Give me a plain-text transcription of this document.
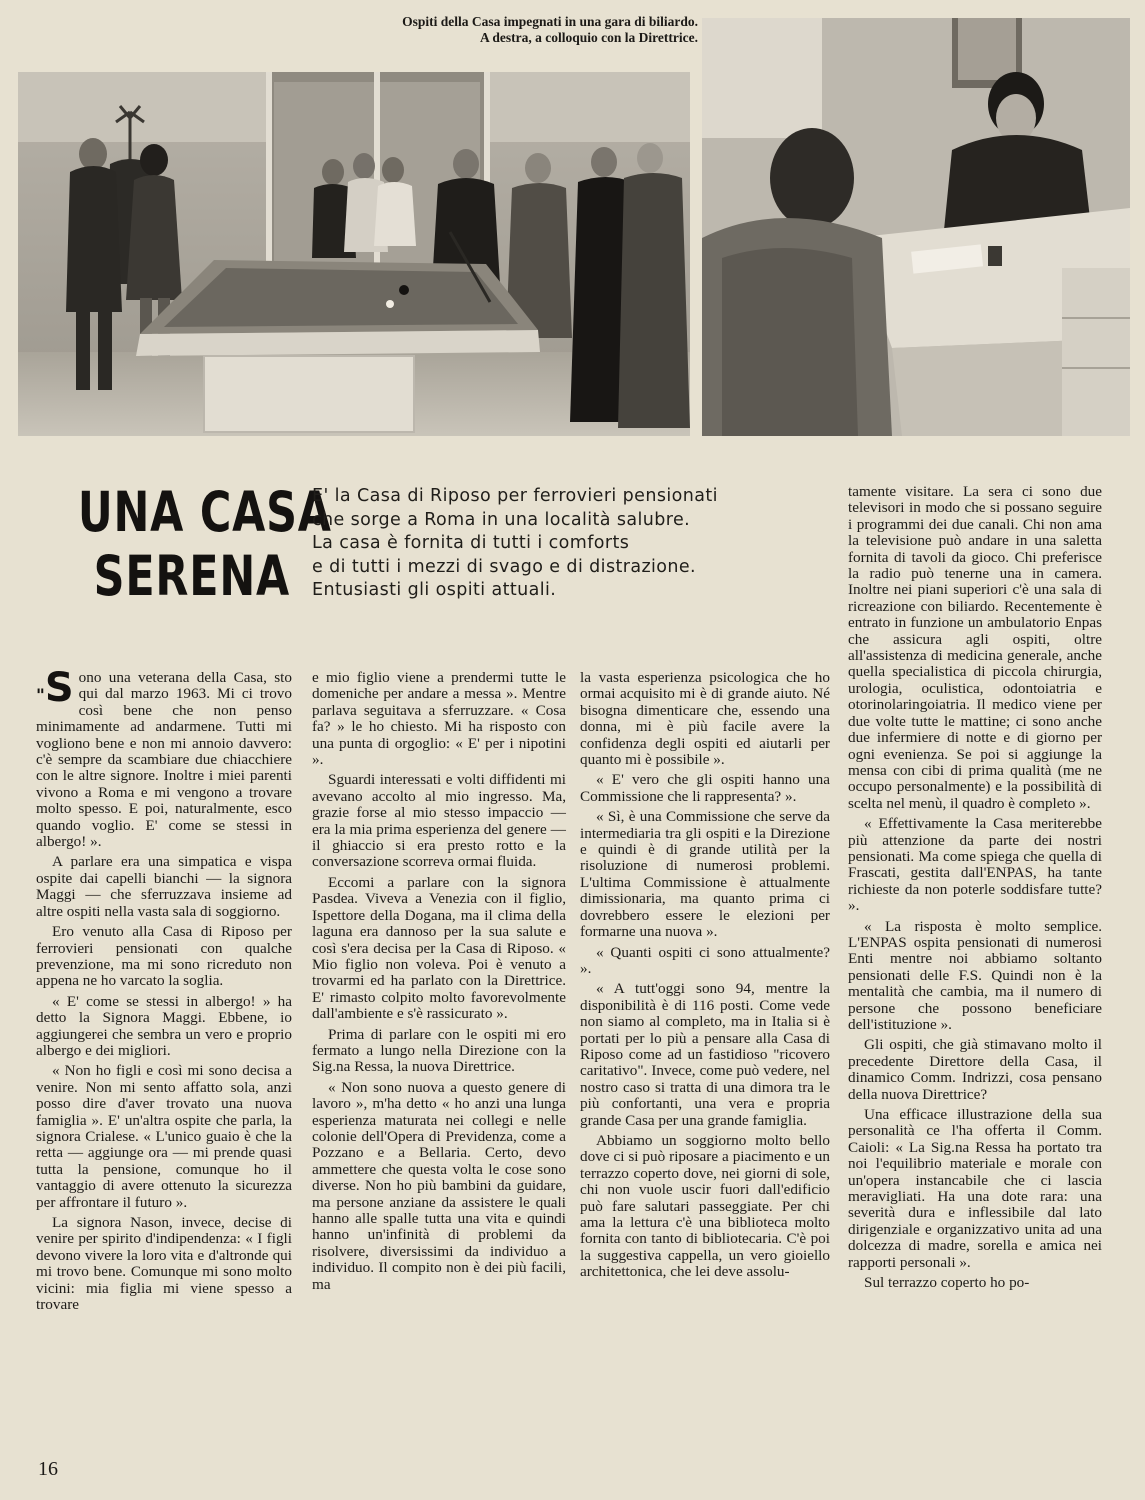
Ospiti della Casa impegnati in una gara di biliardo.
A destra, a colloquio con la Direttrice.
UNA CASA
SERENA
E' la Casa di Riposo per ferrovieri pensionati
che sorge a Roma in una località salubre.
La casa è fornita di tutti i comforts
e di tutti i mezzi di svago e di distrazione.
Entusiasti gli ospiti attuali.

"S ono una veterana della Casa, sto qui dal marzo 1963. Mi ci trovo così bene che non penso minimamente ad andarmene. Tutti mi vogliono bene e non mi annoio davvero: c'è sempre da scambiare due chiacchiere con le altre signore. Inoltre i miei parenti vivono a Roma e mi vengono a trovare molto spesso. E poi, naturalmente, esco quando voglio. E' come se stessi in albergo! ».

A parlare era una simpatica e vispa ospite dai capelli bianchi — la signora Maggi — che sferruzzava insieme ad altre ospiti nella vasta sala di soggiorno.

Ero venuto alla Casa di Riposo per ferrovieri pensionati con qualche prevenzione, ma mi sono ricreduto non appena ne ho varcato la soglia.

« E' come se stessi in albergo! » ha detto la Signora Maggi. Ebbene, io aggiungerei che sembra un vero e proprio albergo e dei migliori.

« Non ho figli e così mi sono decisa a venire. Non mi sento affatto sola, anzi posso dire d'aver trovato una nuova famiglia ». E' un'altra ospite che parla, la signora Crialese. « L'unico guaio è che la retta — aggiunge ora — mi prende quasi tutta la pensione, comunque ho il vantaggio di avere ottenuto la sicurezza per affrontare il futuro ».

La signora Nason, invece, decise di venire per spirito d'indipendenza: « I figli devono vivere la loro vita e d'altronde qui mi trovo bene. Comunque mi sono molto vicini: mia figlia mi viene spesso a trovare

e mio figlio viene a prendermi tutte le domeniche per andare a messa ». Mentre parlava seguitava a sferruzzare. « Cosa fa? » le ho chiesto. Mi ha risposto con una punta di orgoglio: « E' per i nipotini ».

Sguardi interessati e volti diffidenti mi avevano accolto al mio ingresso. Ma, grazie forse al mio stesso impaccio — era la mia prima esperienza del genere — il ghiaccio si era presto rotto e la conversazione scorreva ormai fluida.

Eccomi a parlare con la signora Pasdea. Viveva a Venezia con il figlio, Ispettore della Dogana, ma il clima della laguna era dannoso per la sua salute e così s'era decisa per la Casa di Riposo. « Mio figlio non voleva. Poi è venuto a trovarmi ed ha parlato con la Direttrice. E' rimasto colpito molto favorevolmente dall'ambiente e s'è rassicurato ».

Prima di parlare con le ospiti mi ero fermato a lungo nella Direzione con la Sig.na Ressa, la nuova Direttrice.

« Non sono nuova a questo genere di lavoro », m'ha detto « ho anzi una lunga esperienza maturata nei collegi e nelle colonie dell'Opera di Previdenza, come a Pozzano e a Bellaria. Certo, devo ammettere che questa volta le cose sono diverse. Non ho più bambini da guidare, ma persone anziane da assistere le quali hanno alle spalle tutta una vita e quindi hanno un'infinità di problemi da risolvere, diversissimi da individuo a individuo. Il compito non è dei più facili, ma

la vasta esperienza psicologica che ho ormai acquisito mi è di grande aiuto. Né bisogna dimenticare che, essendo una donna, mi è più facile avere la confidenza degli ospiti ed aiutarli per quanto mi è possibile ».

« E' vero che gli ospiti hanno una Commissione che li rappresenta? ».

« Sì, è una Commissione che serve da intermediaria tra gli ospiti e la Direzione e quindi è di grande utilità per la risoluzione di numerosi problemi. L'ultima Commissione è attualmente dimissionaria, ma quanto prima ci dovrebbero essere le elezioni per formarne una nuova ».

« Quanti ospiti ci sono attualmente? ».

« A tutt'oggi sono 94, mentre la disponibilità è di 116 posti. Come vede non siamo al completo, ma in Italia si è portati per lo più a pensare alla Casa di Riposo come ad un fastidioso "ricovero caritativo". Invece, come può vedere, nel nostro caso si tratta di una dimora tra le più confortanti, una vera e propria grande Casa per una grande famiglia.

Abbiamo un soggiorno molto bello dove ci si può riposare a piacimento e un terrazzo coperto dove, nei giorni di sole, chi non vuole uscir fuori dall'edificio può fare salutari passeggiate. Per chi ama la lettura c'è una biblioteca molto fornita con tanto di bibliotecaria. C'è poi la suggestiva cappella, un vero gioiello architettonica, che lei deve assolu-

tamente visitare. La sera ci sono due televisori in modo che si possano seguire i programmi dei due canali. Chi non ama la televisione può andare in una saletta fornita di tavoli da gioco. Chi preferisce la radio può tenerne una in camera. Inoltre nei piani superiori c'è una sala di ricreazione con biliardo. Recentemente è entrato in funzione un ambulatorio Enpas che assicura agli ospiti, oltre all'assistenza di medicina generale, anche quella specialistica di piccola chirurgia, urologia, oculistica, odontoiatria e otorinolaringoiatria. Il medico viene per due volte tutte le mattine; ci sono anche due infermiere di notte e di giorno per ogni evenienza. Se poi si aggiunge la mensa con cibi di prima qualità (me ne occupo personalmente) e la possibilità di scelta nel menù, il quadro è completo ».

« Effettivamente la Casa meriterebbe più attenzione da parte dei nostri pensionati. Ma come spiega che quella di Frascati, gestita dall'ENPAS, ha tante richieste da non poterle soddisfare tutte? ».

« La risposta è molto semplice. L'ENPAS ospita pensionati di numerosi Enti mentre noi abbiamo soltanto pensionati delle F.S. Quindi non è la mentalità che cambia, ma il numero di persone che possono beneficiare dell'istituzione ».

Gli ospiti, che già stimavano molto il precedente Direttore della Casa, il dinamico Comm. Indrizzi, cosa pensano della nuova Direttrice?

Una efficace illustrazione della sua personalità ce l'ha offerta il Comm. Caioli: « La Sig.na Ressa ha portato tra noi l'equilibrio materiale e morale con un'opera instancabile che ci lascia meravigliati. Ha una dote rara: una severità dura e inflessibile dal lato dirigenziale e organizzativo unita ad una dolcezza di madre, sorella e amica nei rapporti personali ».

Sul terrazzo coperto ho po-

16
